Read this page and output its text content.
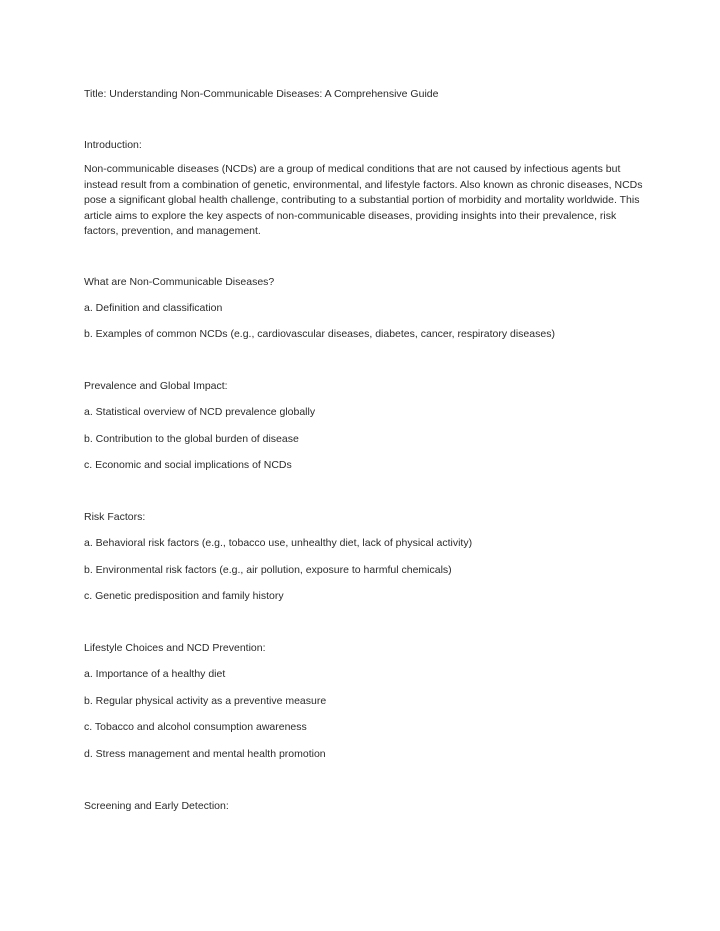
Title: Understanding Non-Communicable Diseases: A Comprehensive Guide

Introduction:

Non-communicable diseases (NCDs) are a group of medical conditions that are not caused by infectious agents but instead result from a combination of genetic, environmental, and lifestyle factors. Also known as chronic diseases, NCDs pose a significant global health challenge, contributing to a substantial portion of morbidity and mortality worldwide. This article aims to explore the key aspects of non-communicable diseases, providing insights into their prevalence, risk factors, prevention, and management.

What are Non-Communicable Diseases?

a. Definition and classification

b. Examples of common NCDs (e.g., cardiovascular diseases, diabetes, cancer, respiratory diseases)

Prevalence and Global Impact:

a. Statistical overview of NCD prevalence globally

b. Contribution to the global burden of disease

c. Economic and social implications of NCDs

Risk Factors:

a. Behavioral risk factors (e.g., tobacco use, unhealthy diet, lack of physical activity)

b. Environmental risk factors (e.g., air pollution, exposure to harmful chemicals)

c. Genetic predisposition and family history

Lifestyle Choices and NCD Prevention:

a. Importance of a healthy diet

b. Regular physical activity as a preventive measure

c. Tobacco and alcohol consumption awareness

d. Stress management and mental health promotion

Screening and Early Detection:
